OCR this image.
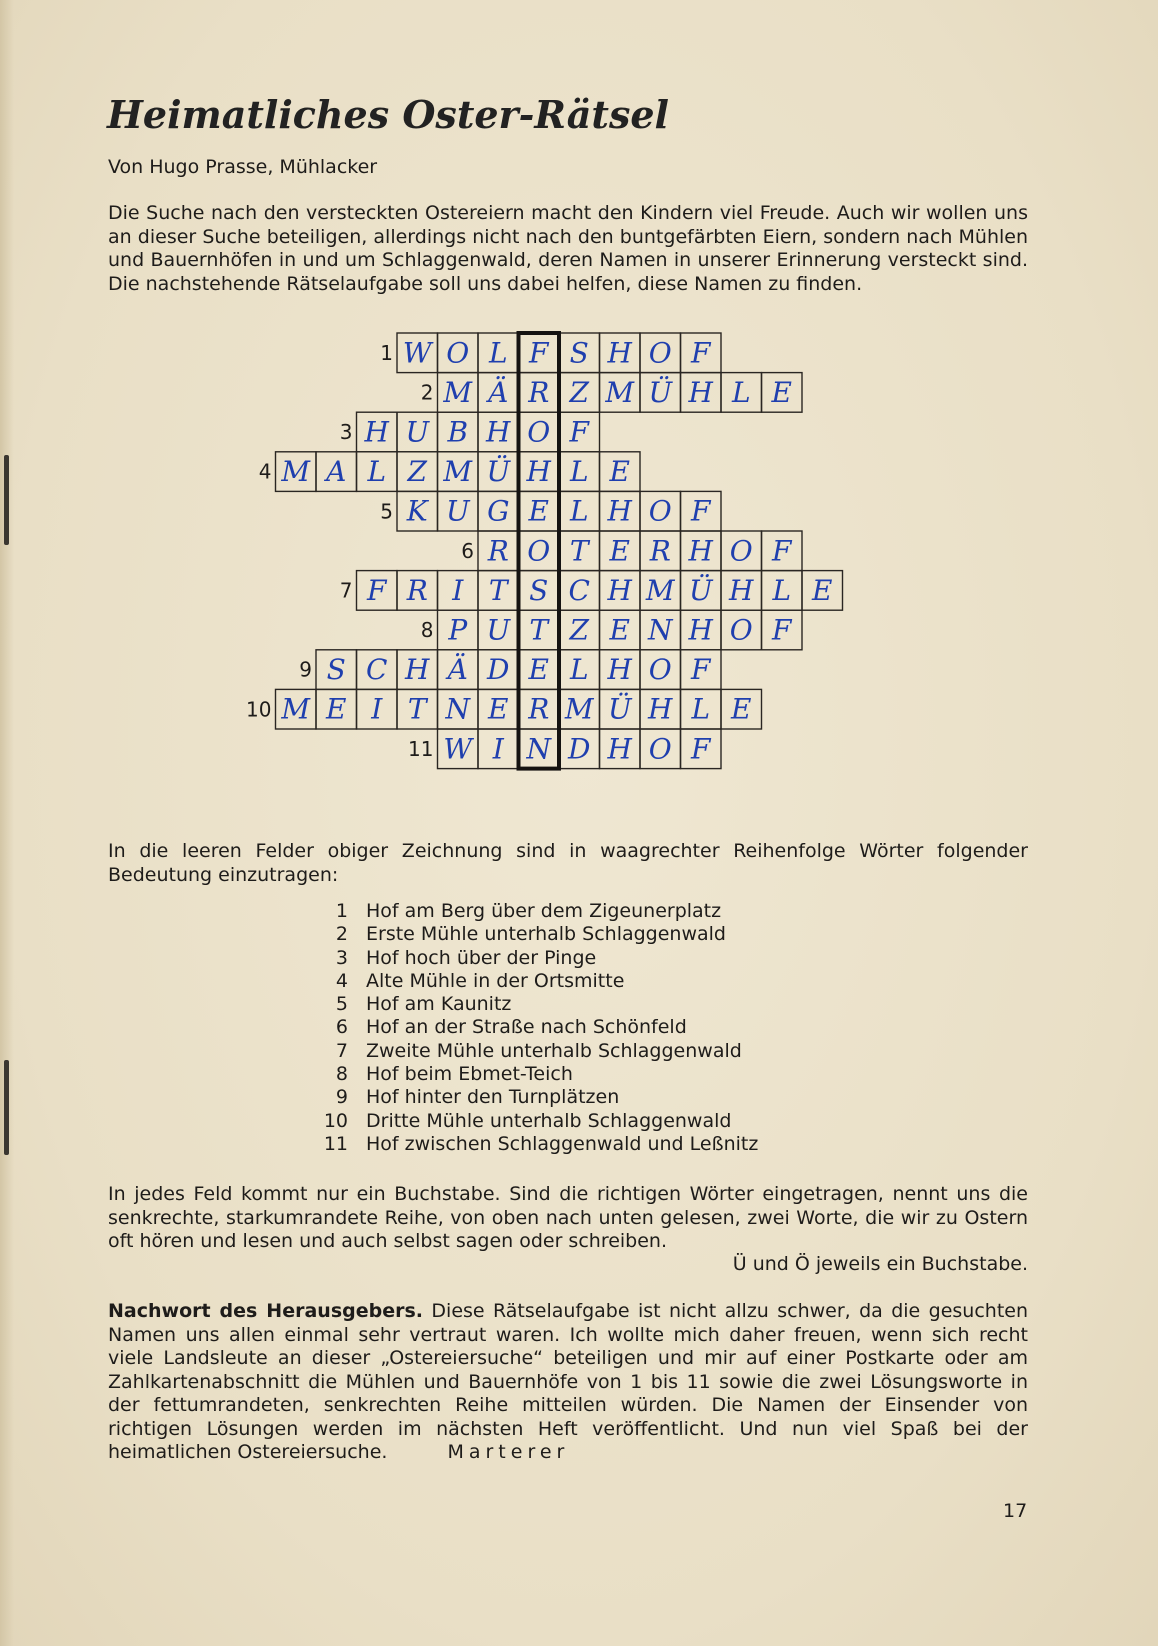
Heimatliches Oster-Rätsel
Von Hugo Prasse, Mühlacker

Die Suche nach den versteckten Ostereiern macht den Kindern viel Freude. Auch wir wollen uns an dieser Suche beteiligen, allerdings nicht nach den buntgefärbten Eiern, sondern nach Mühlen und Bauernhöfen in und um Schlaggenwald, deren Namen in unserer Erinnerung versteckt sind. Die nachstehende Rätselaufgabe soll uns dabei helfen, diese Namen zu finden.

W O L F S H O F
1
M Ä R Z M Ü H L E
2
H U B H O F
3
M A L Z M Ü H L E
4
K U G E L H O F
5
R O T E R H O F
6
F R I T S C H M Ü H L E
7
P U T Z E N H O F
8
S C H Ä D E L H O F
9
M E I T N E R M Ü H L E
10
W I N D H O F
11

In die leeren Felder obiger Zeichnung sind in waagrechter Reihenfolge Wörter folgender Bedeutung einzutragen:

1 Hof am Berg über dem Zigeunerplatz
2 Erste Mühle unterhalb Schlaggenwald
3 Hof hoch über der Pinge
4 Alte Mühle in der Ortsmitte
5 Hof am Kaunitz
6 Hof an der Straße nach Schönfeld
7 Zweite Mühle unterhalb Schlaggenwald
8 Hof beim Ebmet-Teich
9 Hof hinter den Turnplätzen
10 Dritte Mühle unterhalb Schlaggenwald
11 Hof zwischen Schlaggenwald und Leßnitz

In jedes Feld kommt nur ein Buchstabe. Sind die richtigen Wörter eingetragen, nennt uns die senkrechte, starkumrandete Reihe, von oben nach unten gelesen, zwei Worte, die wir zu Ostern oft hören und lesen und auch selbst sagen oder schreiben.

Ü und Ö jeweils ein Buchstabe.

Nachwort des Herausgebers. Diese Rätselaufgabe ist nicht allzu schwer, da die gesuchten Namen uns allen einmal sehr vertraut waren. Ich wollte mich daher freuen, wenn sich recht viele Landsleute an dieser „Ostereiersuche“ beteiligen und mir auf einer Postkarte oder am Zahlkartenabschnitt die Mühlen und Bauernhöfe von 1 bis 11 sowie die zwei Lösungsworte in der fettumrandeten, senkrechten Reihe mitteilen würden. Die Namen der Einsender von richtigen Lösungen werden im nächsten Heft veröffentlicht. Und nun viel Spaß bei der heimatlichen Ostereiersuche.	Marterer

17
